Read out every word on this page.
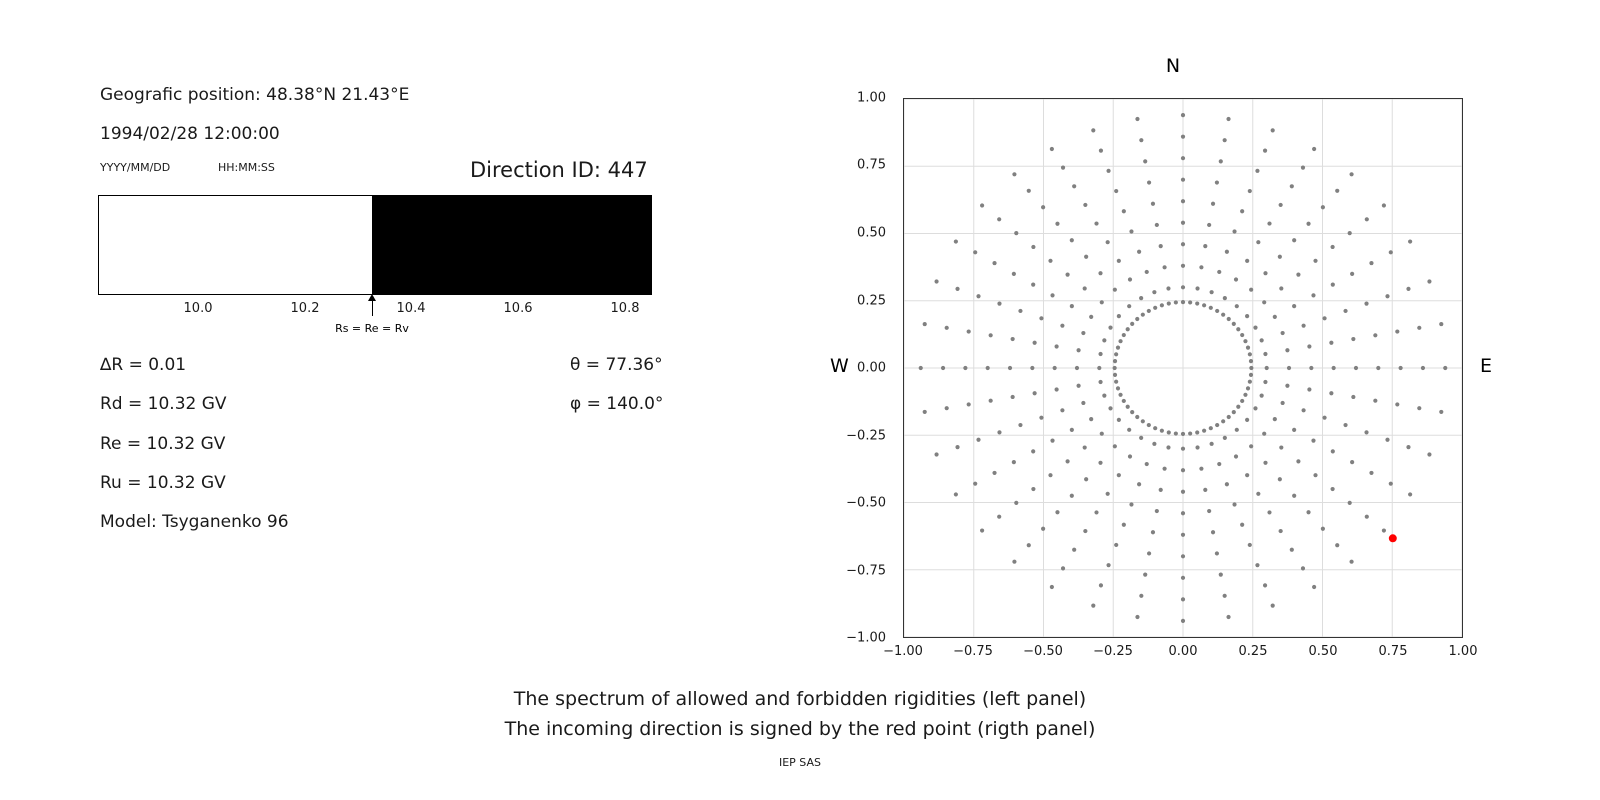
Geografic position: 48.38°N 21.43°E
1994/02/28 12:00:00
YYYY/MM/DD	HH:MM:SS	Direction ID: 447
10.0	10.2	10.4	10.6	10.8
Rs = Re = Rv
∆R = 0.01
Rd = 10.32 GV
Re = 10.32 GV
Ru = 10.32 GV
Model: Tsyganenko 96
θ = 77.36°
φ = 140.0°
N
W	E
1.00
0.75
0.50
0.25
0.00
−0.25
−0.50
−0.75
−1.00
−1.00 −0.75 −0.50 −0.25	0.00	0.25	0.50	0.75	1.00
The spectrum of allowed and forbidden rigidities (left panel)
The incoming direction is signed by the red point (rigth panel)
IEP SAS
